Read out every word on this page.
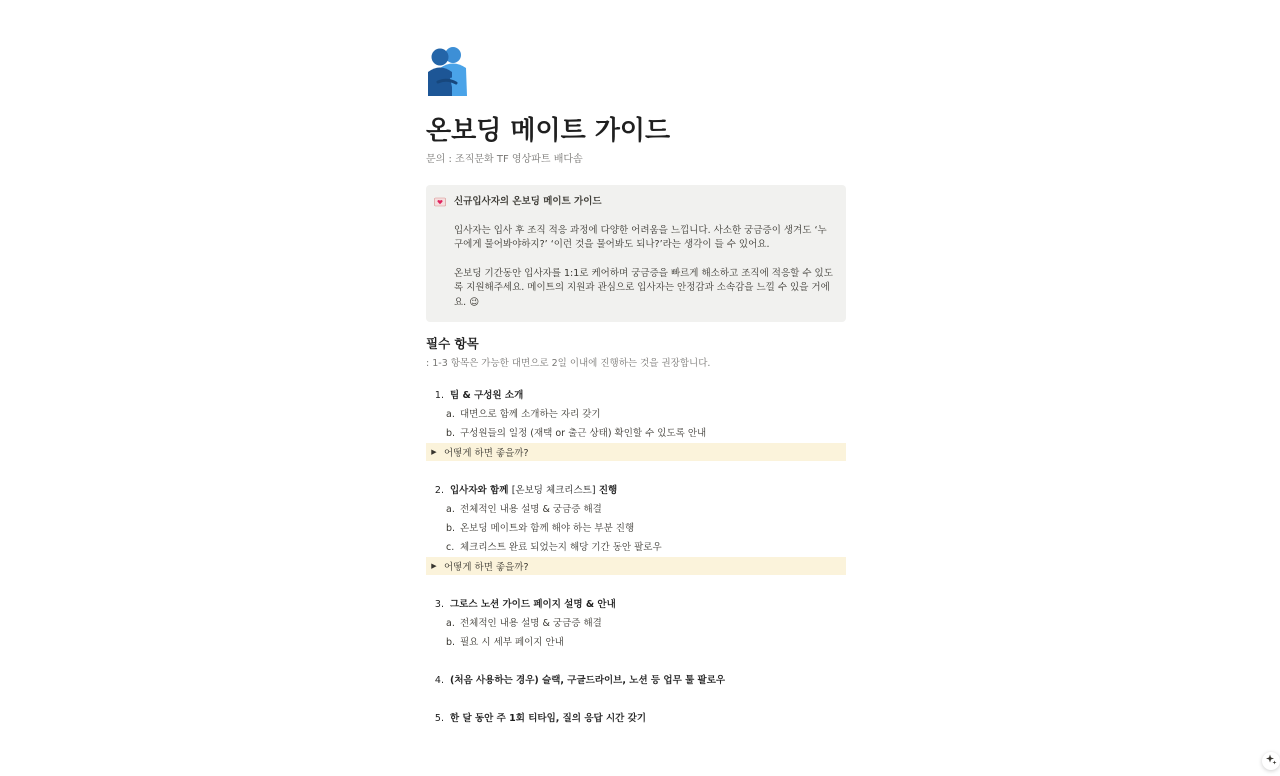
온보딩 메이트 가이드
문의 : 조직문화 TF 영상파트 배다솜
신규입사자의 온보딩 메이트 가이드

입사자는 입사 후 조직 적응 과정에 다양한 어려움을 느낍니다. 사소한 궁금증이 생겨도 ‘누구에게 물어봐야하지?’ ‘이런 것을 물어봐도 되나?’라는 생각이 들 수 있어요.

온보딩 기간동안 입사자를 1:1로 케어하며 궁금증을 빠르게 해소하고 조직에 적응할 수 있도록 지원해주세요. 메이트의 지원과 관심으로 입사자는 안정감과 소속감을 느낄 수 있을 거에요. 😉

필수 항목
: 1-3 항목은 가능한 대면으로 2일 이내에 진행하는 것을 권장합니다.
1. 팀 & 구성원 소개
a. 대면으로 함께 소개하는 자리 갖기
b. 구성원들의 일정 (재택 or 출근 상태) 확인할 수 있도록 안내
▶ 어떻게 하면 좋을까?
2. 입사자와 함께 [온보딩 체크리스트] 진행
a. 전체적인 내용 설명 & 궁금증 해결
b. 온보딩 메이트와 함께 해야 하는 부분 진행
c. 체크리스트 완료 되었는지 해당 기간 동안 팔로우
▶ 어떻게 하면 좋을까?
3. 그로스 노션 가이드 페이지 설명 & 안내
a. 전체적인 내용 설명 & 궁금증 해결
b. 필요 시 세부 페이지 안내
4. (처음 사용하는 경우) 슬랙, 구글드라이브, 노션 등 업무 툴 팔로우
5. 한 달 동안 주 1회 티타임, 질의 응답 시간 갖기
